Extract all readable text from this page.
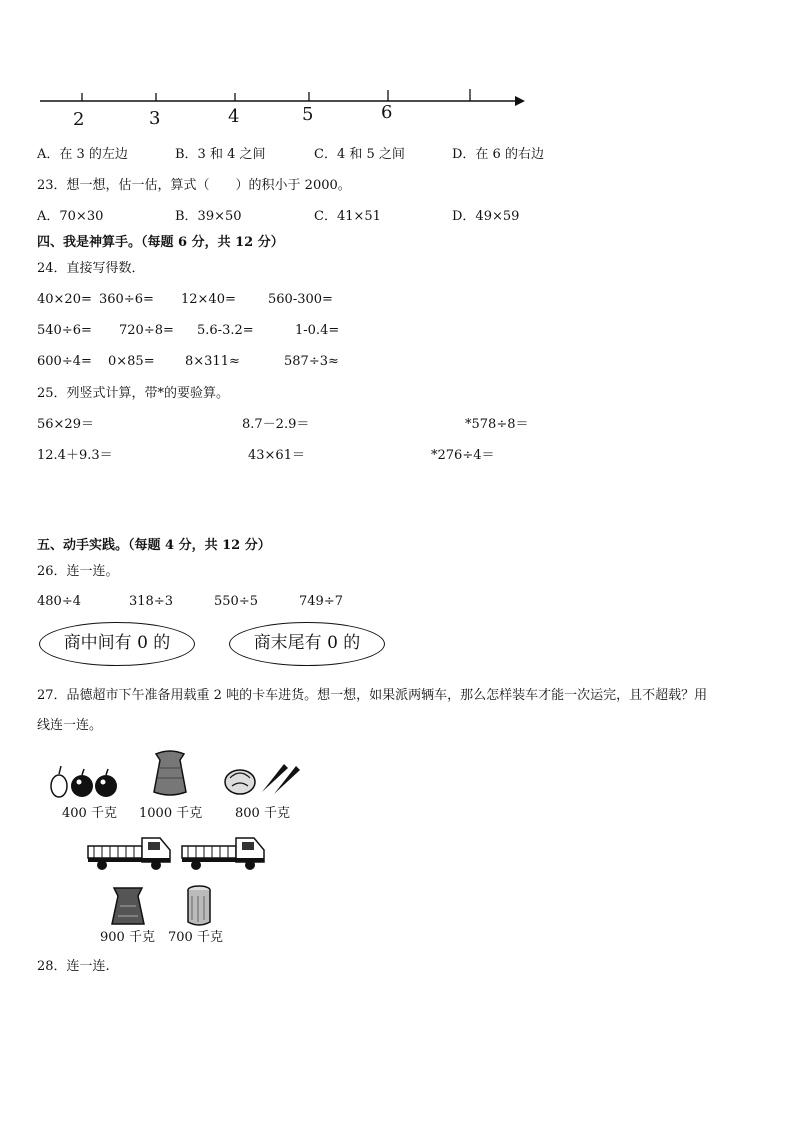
2	3	4	5	6
A．在 3 的左边	B．3 和 4 之间	C．4 和 5 之间	D．在 6 的右边
23．想一想，估一估，算式（　　）的积小于 2000。
A．70×30	B．39×50	C．41×51	D．49×59
四、我是神算手。（每题 6 分，共 12 分）
24．直接写得数．
40×20= 360÷6= 12×40= 560-300=
540÷6= 720÷8= 5.6-3.2=	1-0.4=
600÷4= 0×85= 8×311≈	587÷3≈
25．列竖式计算，带*的要验算。
56×29＝	8.7－2.9＝	*578÷8＝
12.4＋9.3＝	43×61＝	*276÷4＝
五、动手实践。（每题 4 分，共 12 分）
26．连一连。
480÷4	318÷3	550÷5	749÷7
商中间有 0 的	商末尾有 0 的
27．品德超市下午准备用载重 2 吨的卡车进货。想一想，如果派两辆车，那么怎样装车才能一次运完，且不超载？用
线连一连。
400 千克 1000 千克	800 千克
900 千克 700 千克
28．连一连.
